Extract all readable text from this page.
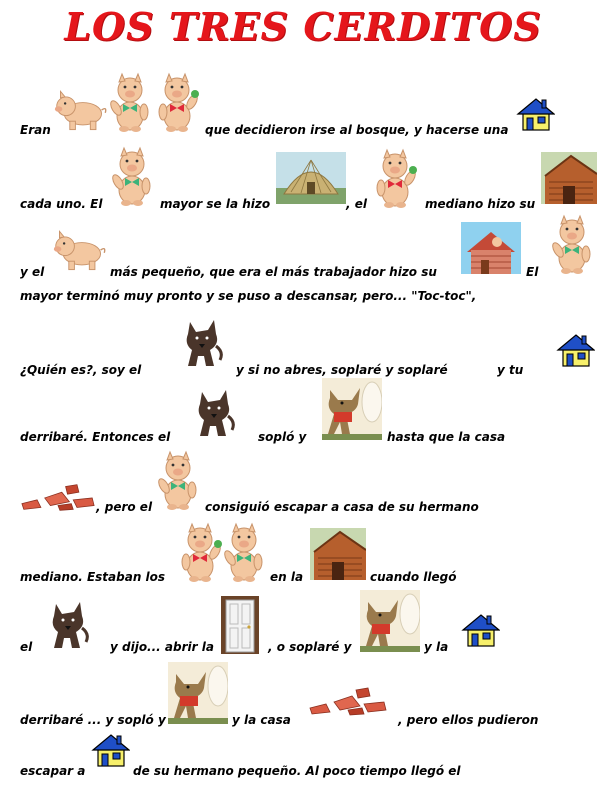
LOS TRES CERDITOS
Eran	que decidieron irse al bosque, y hacerse una
cada uno. El	mayor se la hizo	, el	mediano hizo su
y el	más pequeño, que era el más trabajador hizo su	El
mayor terminó muy pronto y se puso a descansar, pero... "Toc-toc",
¿Quién es?, soy el	y si no abres, soplaré y soplaré	y tu
derribaré. Entonces el	sopló y	hasta que la casa
, pero el	consiguió escapar a casa de su hermano
mediano. Estaban los	en la	cuando llegó
el	y dijo... abrir la	, o soplaré y	y la
derribaré ... y sopló y	y la casa	, pero ellos pudieron
escapar a	de su hermano pequeño. Al poco tiempo llegó el
